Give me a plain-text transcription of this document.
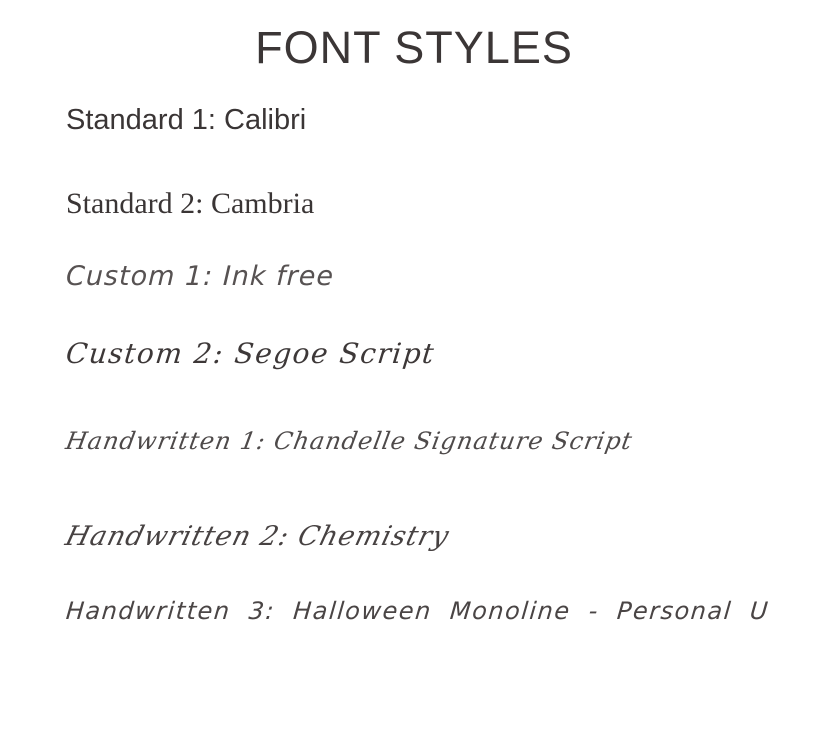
FONT STYLES
Standard 1: Calibri
Standard 2: Cambria
Custom 1: Ink free
Custom 2: Segoe Script
Handwritten 1: Chandelle Signature Script
Handwritten 2: Chemistry
Handwritten 3: Halloween Monoline - Personal U
